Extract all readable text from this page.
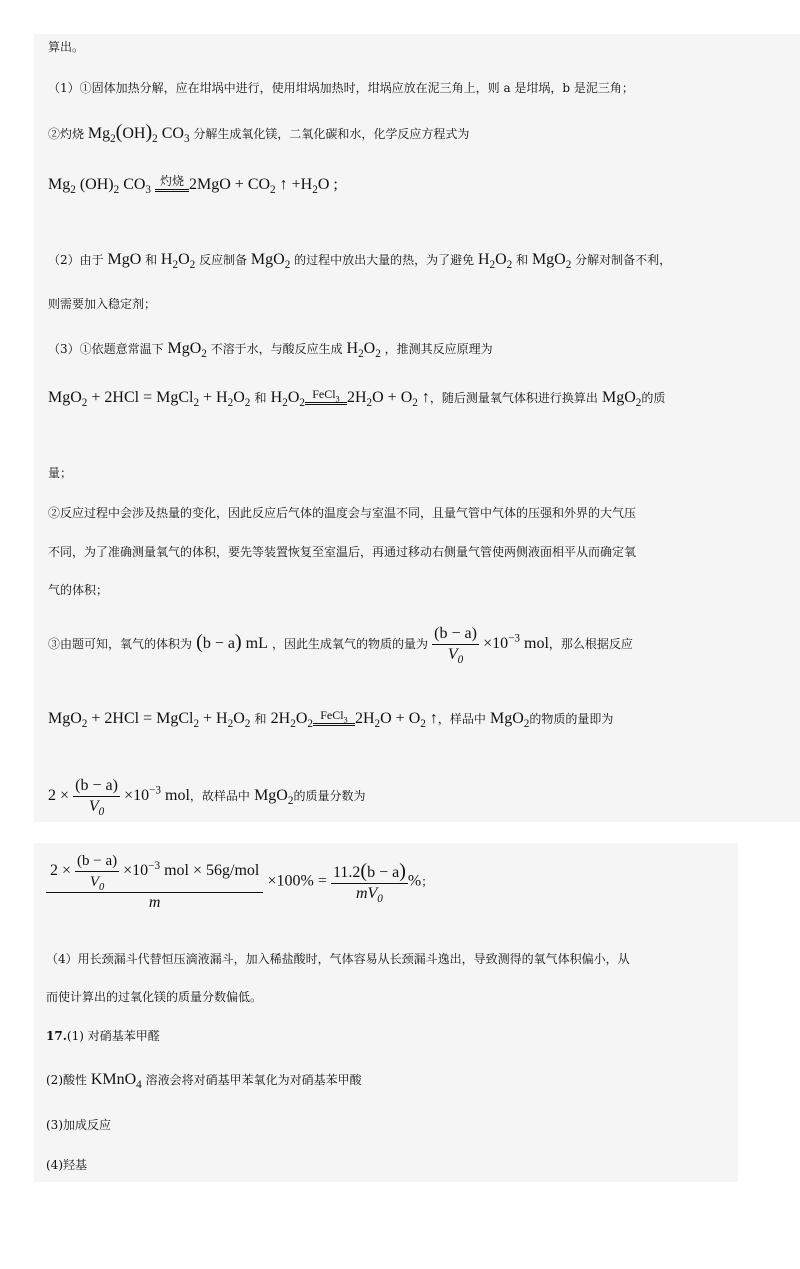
算出。
（1）①固体加热分解，应在坩埚中进行，使用坩埚加热时，坩埚应放在泥三角上，则 a 是坩埚，b 是泥三角；
②灼烧 $Mg_2(OH)_2$ $CO_3$ 分解生成氧化镁，二氧化碳和水，化学反应方程式为
$Mg_2$ $(OH)_2$ $CO_3$
灼烧 $2MgO + CO_2$ ↑ $+H_2O$ ;
（2）由于 MgO 和 $H_2O_2$ 反应制备 MgO$_2$ 的过程中放出大量的热，为了避免 $H_2O_2$ 和 MgO$_2$ 分解对制备不利，
则需要加入稳定剂；
（3）①依题意常温下 MgO$_2$ 不溶于水，与酸反应生成 $H_2O_2$ ，推测其反应原理为
MgO$_2$ + 2HCl = MgCl$_2$ + $H_2O_2$ 和 $H_2O_2$
FeCl$_3$ $2H_2O + O_2$ ↑，随后测量氧气体积进行换算出 MgO$_2$的质
量；
②反应过程中会涉及热量的变化，因此反应后气体的温度会与室温不同，且量气管中气体的压强和外界的大气压
不同，为了准确测量氧气的体积，要先等装置恢复至室温后，再通过移动右侧量气管使两侧液面相平从而确定氧
气的体积；
③由题可知，氧气的体积为 (b − a) mL ，因此生成氧气的物质的量为 $\frac{(b - a)}{V_0} \times 10^{-3}$ mol，那么根据反应
MgO$_2$ + 2HCl = MgCl$_2$ + $H_2O_2$ 和 $2H_2O_2$
FeCl$_3$ $2H_2O + O_2$ ↑，样品中 MgO$_2$的物质的量即为
$2 \times \frac{(b - a)}{V_0} \times 10^{-3}$ mol，故样品中 MgO$_2$的质量分数为
$\frac{2 \times \frac{(b - a)}{V_0} \times 10^{-3} mol \times 56g/mol}{m} \times 100\% = \frac{11.2(b - a)}{mV_0}$ %；
（4）用长颈漏斗代替恒压滴液漏斗，加入稀盐酸时，气体容易从长颈漏斗逸出，导致测得的氧气体积偏小，从
而使计算出的过氧化镁的质量分数偏低。
17.(1) 对硝基苯甲醛
(2)酸性 KMnO$_4$ 溶液会将对硝基甲苯氧化为对硝基苯甲酸
(3)加成反应
(4)羟基
